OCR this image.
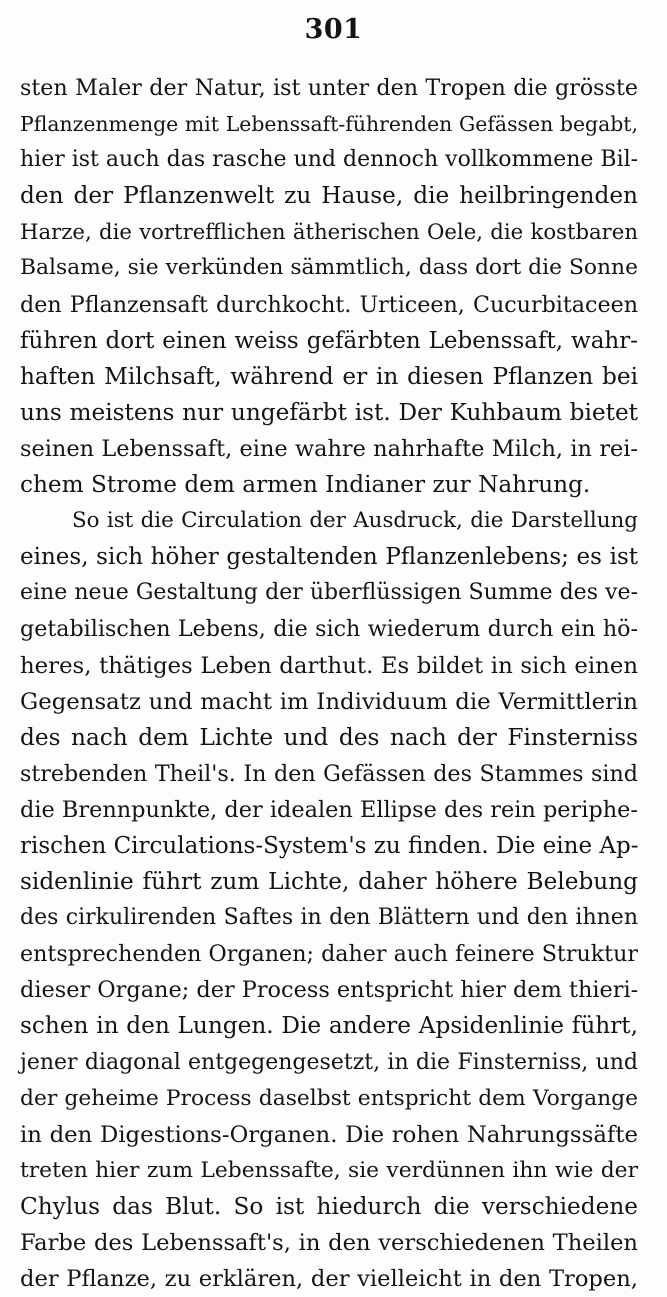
301
sten Maler der Natur, ist unter den Tropen die grösste
Pflanzenmenge mit Lebenssaft-führenden Gefässen begabt,
hier ist auch das rasche und dennoch vollkommene Bil-
den der Pflanzenwelt zu Hause, die heilbringenden
Harze, die vortrefflichen ätherischen Oele, die kostbaren
Balsame, sie verkünden sämmtlich, dass dort die Sonne
den Pflanzensaft durchkocht. Urticeen, Cucurbitaceen
führen dort einen weiss gefärbten Lebenssaft, wahr-
haften Milchsaft, während er in diesen Pflanzen bei
uns meistens nur ungefärbt ist. Der Kuhbaum bietet
seinen Lebenssaft, eine wahre nahrhafte Milch, in rei-
chem Strome dem armen Indianer zur Nahrung.
So ist die Circulation der Ausdruck, die Darstellung
eines, sich höher gestaltenden Pflanzenlebens; es ist
eine neue Gestaltung der überflüssigen Summe des ve-
getabilischen Lebens, die sich wiederum durch ein hö-
heres, thätiges Leben darthut. Es bildet in sich einen
Gegensatz und macht im Individuum die Vermittlerin
des nach dem Lichte und des nach der Finsterniss
strebenden Theil's. In den Gefässen des Stammes sind
die Brennpunkte, der idealen Ellipse des rein periphe-
rischen Circulations-System's zu finden. Die eine Ap-
sidenlinie führt zum Lichte, daher höhere Belebung
des cirkulirenden Saftes in den Blättern und den ihnen
entsprechenden Organen; daher auch feinere Struktur
dieser Organe; der Process entspricht hier dem thieri-
schen in den Lungen. Die andere Apsidenlinie führt,
jener diagonal entgegengesetzt, in die Finsterniss, und
der geheime Process daselbst entspricht dem Vorgange
in den Digestions-Organen. Die rohen Nahrungssäfte
treten hier zum Lebenssafte, sie verdünnen ihn wie der
Chylus das Blut. So ist hiedurch die verschiedene
Farbe des Lebenssaft's, in den verschiedenen Theilen
der Pflanze, zu erklären, der vielleicht in den Tropen,
